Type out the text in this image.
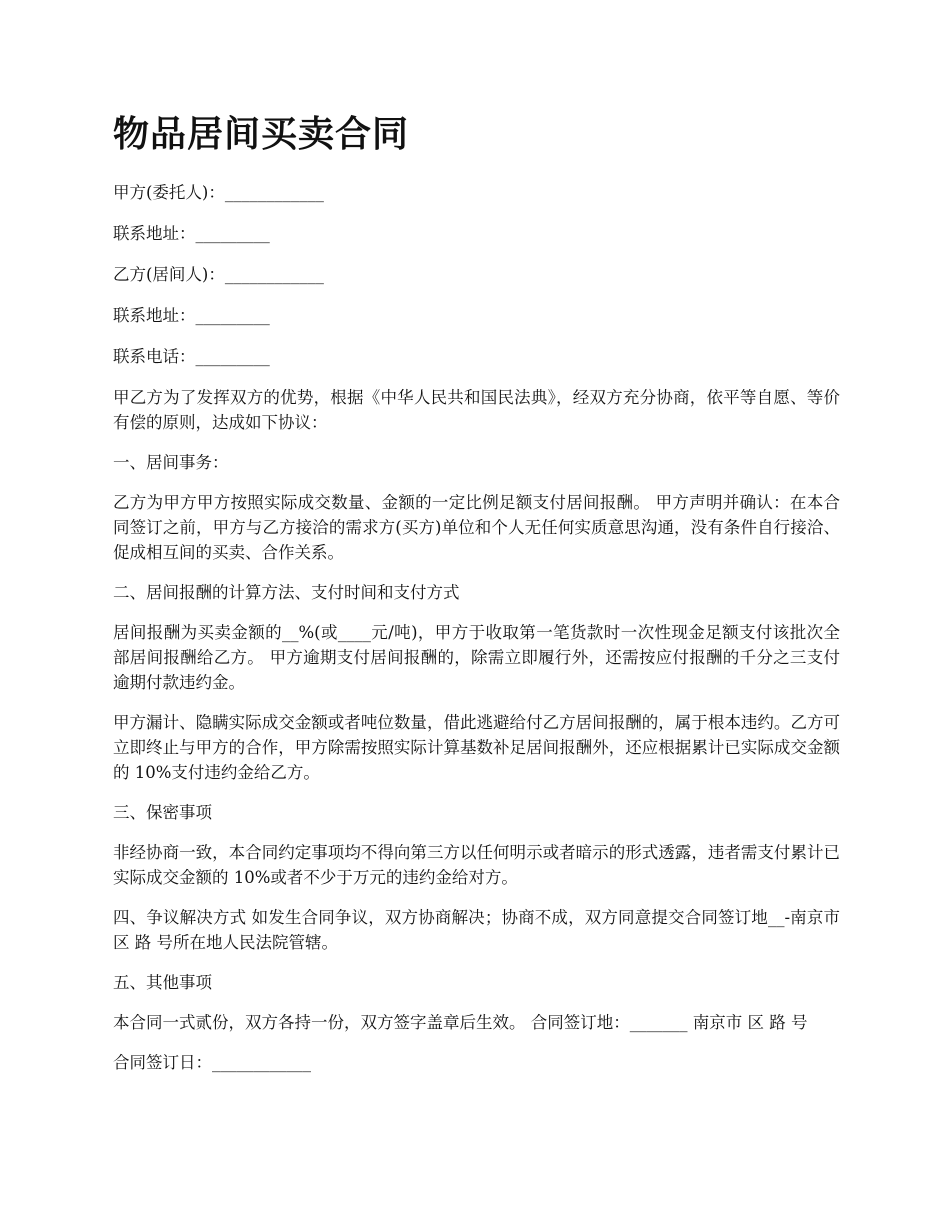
物品居间买卖合同
甲方(委托人)：____________
联系地址：_________
乙方(居间人)：____________
联系地址：_________
联系电话：_________

甲乙方为了发挥双方的优势，根据《中华人民共和国民法典》，经双方充分协商，依平等自愿、等价有偿的原则，达成如下协议：

一、居间事务：

乙方为甲方甲方按照实际成交数量、金额的一定比例足额支付居间报酬。 甲方声明并确认：在本合同签订之前，甲方与乙方接洽的需求方(买方)单位和个人无任何实质意思沟通，没有条件自行接洽、促成相互间的买卖、合作关系。

二、居间报酬的计算方法、支付时间和支付方式

居间报酬为买卖金额的__%(或____元/吨)，甲方于收取第一笔货款时一次性现金足额支付该批次全部居间报酬给乙方。 甲方逾期支付居间报酬的，除需立即履行外，还需按应付报酬的千分之三支付逾期付款违约金。

甲方漏计、隐瞒实际成交金额或者吨位数量，借此逃避给付乙方居间报酬的，属于根本违约。乙方可立即终止与甲方的合作，甲方除需按照实际计算基数补足居间报酬外，还应根据累计已实际成交金额的 10%支付违约金给乙方。

三、保密事项

非经协商一致，本合同约定事项均不得向第三方以任何明示或者暗示的形式透露，违者需支付累计已实际成交金额的 10%或者不少于万元的违约金给对方。

四、争议解决方式 如发生合同争议，双方协商解决；协商不成，双方同意提交合同签订地__-南京市 区 路 号所在地人民法院管辖。

五、其他事项

本合同一式贰份，双方各持一份，双方签字盖章后生效。 合同签订地：_______ 南京市 区 路 号

合同签订日：____________
